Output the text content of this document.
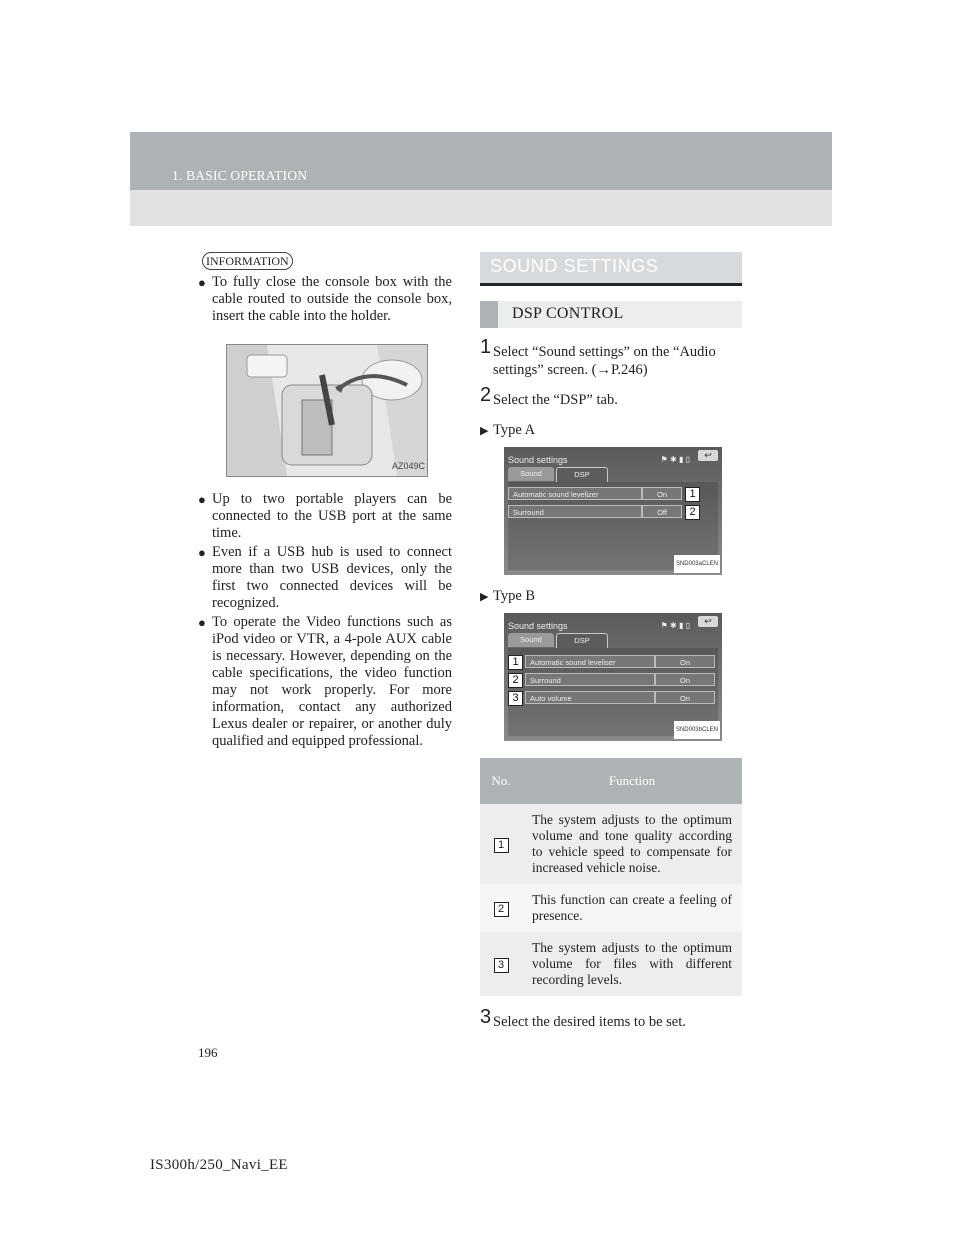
1. BASIC OPERATION
INFORMATION
● To fully close the console box with the cable routed to outside the console box, insert the cable into the holder.
AZ049C
● Up to two portable players can be connected to the USB port at the same time.
● Even if a USB hub is used to connect more than two USB devices, only the first two connected devices will be recognized.
● To operate the Video functions such as iPod video or VTR, a 4-pole AUX cable is necessary. However, depending on the cable specifications, the video function may not work properly. For more information, contact any authorized Lexus dealer or repairer, or another duly qualified and equipped professional.
SOUND SETTINGS
DSP CONTROL
1 Select “Sound settings” on the “Audio settings” screen. (→P.246)
2 Select the “DSP” tab.
▶ Type A
Sound settings	⚑ ✱ ▮ ▯	↩
Sound	DSP
Automatic sound levelizer	On
Surround	Off
1
2
SND003aCLEN
▶ Type B
Sound settings	⚑ ✱ ▮ ▯	↩
Sound	DSP
1
2
3
Automatic sound leveliser	On
Surround	On
Auto volume	On
SND003bCLEN
No.	Function
1	The system adjusts to the optimum volume and tone quality according to vehicle speed to compensate for increased vehicle noise.
2	This function can create a feeling of presence.
3	The system adjusts to the optimum volume for files with different recording levels.
3 Select the desired items to be set.
196
IS300h/250_Navi_EE
